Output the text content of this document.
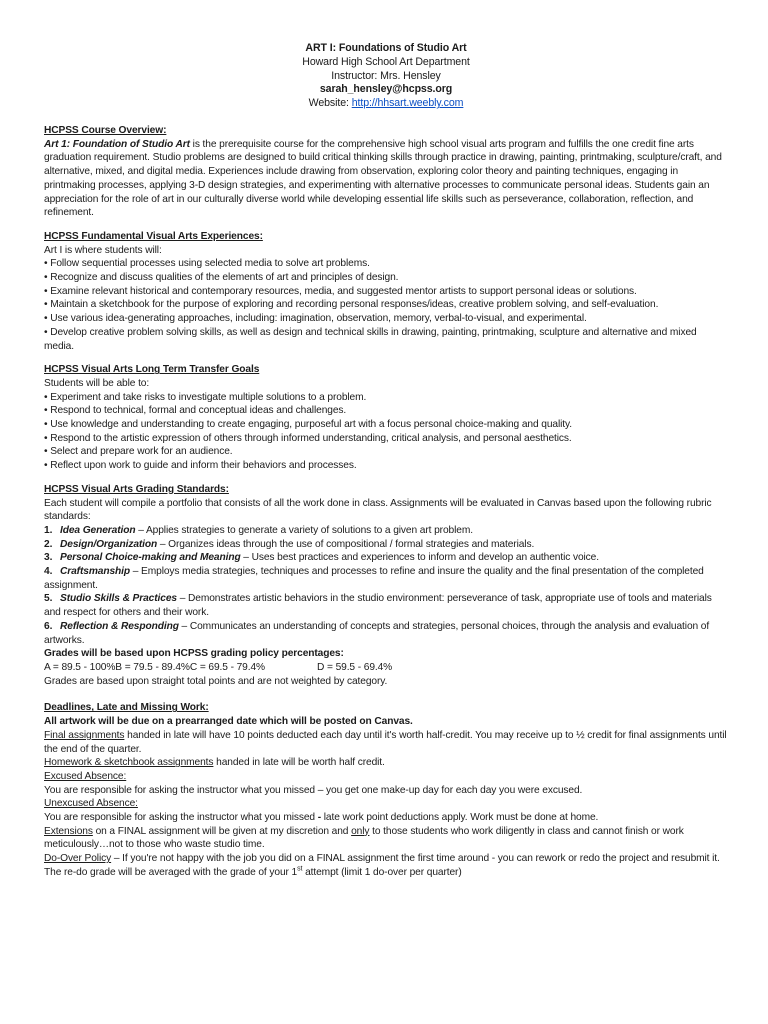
ART I: Foundations of Studio Art
Howard High School Art Department
Instructor: Mrs. Hensley
sarah_hensley@hcpss.org
Website: http://hhsart.weebly.com
HCPSS Course Overview:

Art 1: Foundation of Studio Art is the prerequisite course for the comprehensive high school visual arts program and fulfills the one credit fine arts graduation requirement. Studio problems are designed to build critical thinking skills through practice in drawing, painting, printmaking, sculpture/craft, and alternative, mixed, and digital media. Experiences include drawing from observation, exploring color theory and painting techniques, engaging in printmaking processes, applying 3-D design strategies, and experimenting with alternative processes to communicate personal ideas. Students gain an appreciation for the role of art in our culturally diverse world while developing essential life skills such as perseverance, collaboration, reflection, and refinement.

HCPSS Fundamental Visual Arts Experiences:

Art I is where students will:

• Follow sequential processes using selected media to solve art problems.

• Recognize and discuss qualities of the elements of art and principles of design.

• Examine relevant historical and contemporary resources, media, and suggested mentor artists to support personal ideas or solutions.

• Maintain a sketchbook for the purpose of exploring and recording personal responses/ideas, creative problem solving, and self-evaluation.

• Use various idea-generating approaches, including: imagination, observation, memory, verbal-to-visual, and experimental.

• Develop creative problem solving skills, as well as design and technical skills in drawing, painting, printmaking, sculpture and alternative and mixed media.

HCPSS Visual Arts Long Term Transfer Goals

Students will be able to:

• Experiment and take risks to investigate multiple solutions to a problem.

• Respond to technical, formal and conceptual ideas and challenges.

• Use knowledge and understanding to create engaging, purposeful art with a focus personal choice-making and quality.

• Respond to the artistic expression of others through informed understanding, critical analysis, and personal aesthetics.

• Select and prepare work for an audience.

• Reflect upon work to guide and inform their behaviors and processes.

HCPSS Visual Arts Grading Standards:

Each student will compile a portfolio that consists of all the work done in class. Assignments will be evaluated in Canvas based upon the following rubric standards:

1. Idea Generation – Applies strategies to generate a variety of solutions to a given art problem.

2. Design/Organization – Organizes ideas through the use of compositional / formal strategies and materials.

3. Personal Choice-making and Meaning – Uses best practices and experiences to inform and develop an authentic voice.

4. Craftsmanship – Employs media strategies, techniques and processes to refine and insure the quality and the final presentation of the completed assignment.

5. Studio Skills & Practices – Demonstrates artistic behaviors in the studio environment: perseverance of task, appropriate use of tools and materials and respect for others and their work.

6. Reflection & Responding – Communicates an understanding of concepts and strategies, personal choices, through the analysis and evaluation of artworks.

Grades will be based upon HCPSS grading policy percentages:

A = 89.5 - 100%B = 79.5 - 89.4%C = 69.5 - 79.4%	D = 59.5 - 69.4%

Grades are based upon straight total points and are not weighted by category.

Deadlines, Late and Missing Work:

All artwork will be due on a prearranged date which will be posted on Canvas.

Final assignments handed in late will have 10 points deducted each day until it's worth half-credit. You may receive up to ½ credit for final assignments until the end of the quarter.

Homework & sketchbook assignments handed in late will be worth half credit.

Excused Absence:

You are responsible for asking the instructor what you missed – you get one make-up day for each day you were excused.

Unexcused Absence:

You are responsible for asking the instructor what you missed - late work point deductions apply. Work must be done at home.

Extensions on a FINAL assignment will be given at my discretion and only to those students who work diligently in class and cannot finish or work meticulously…not to those who waste studio time.

Do-Over Policy – If you're not happy with the job you did on a FINAL assignment the first time around - you can rework or redo the project and resubmit it. The re-do grade will be averaged with the grade of your 1st attempt (limit 1 do-over per quarter)
